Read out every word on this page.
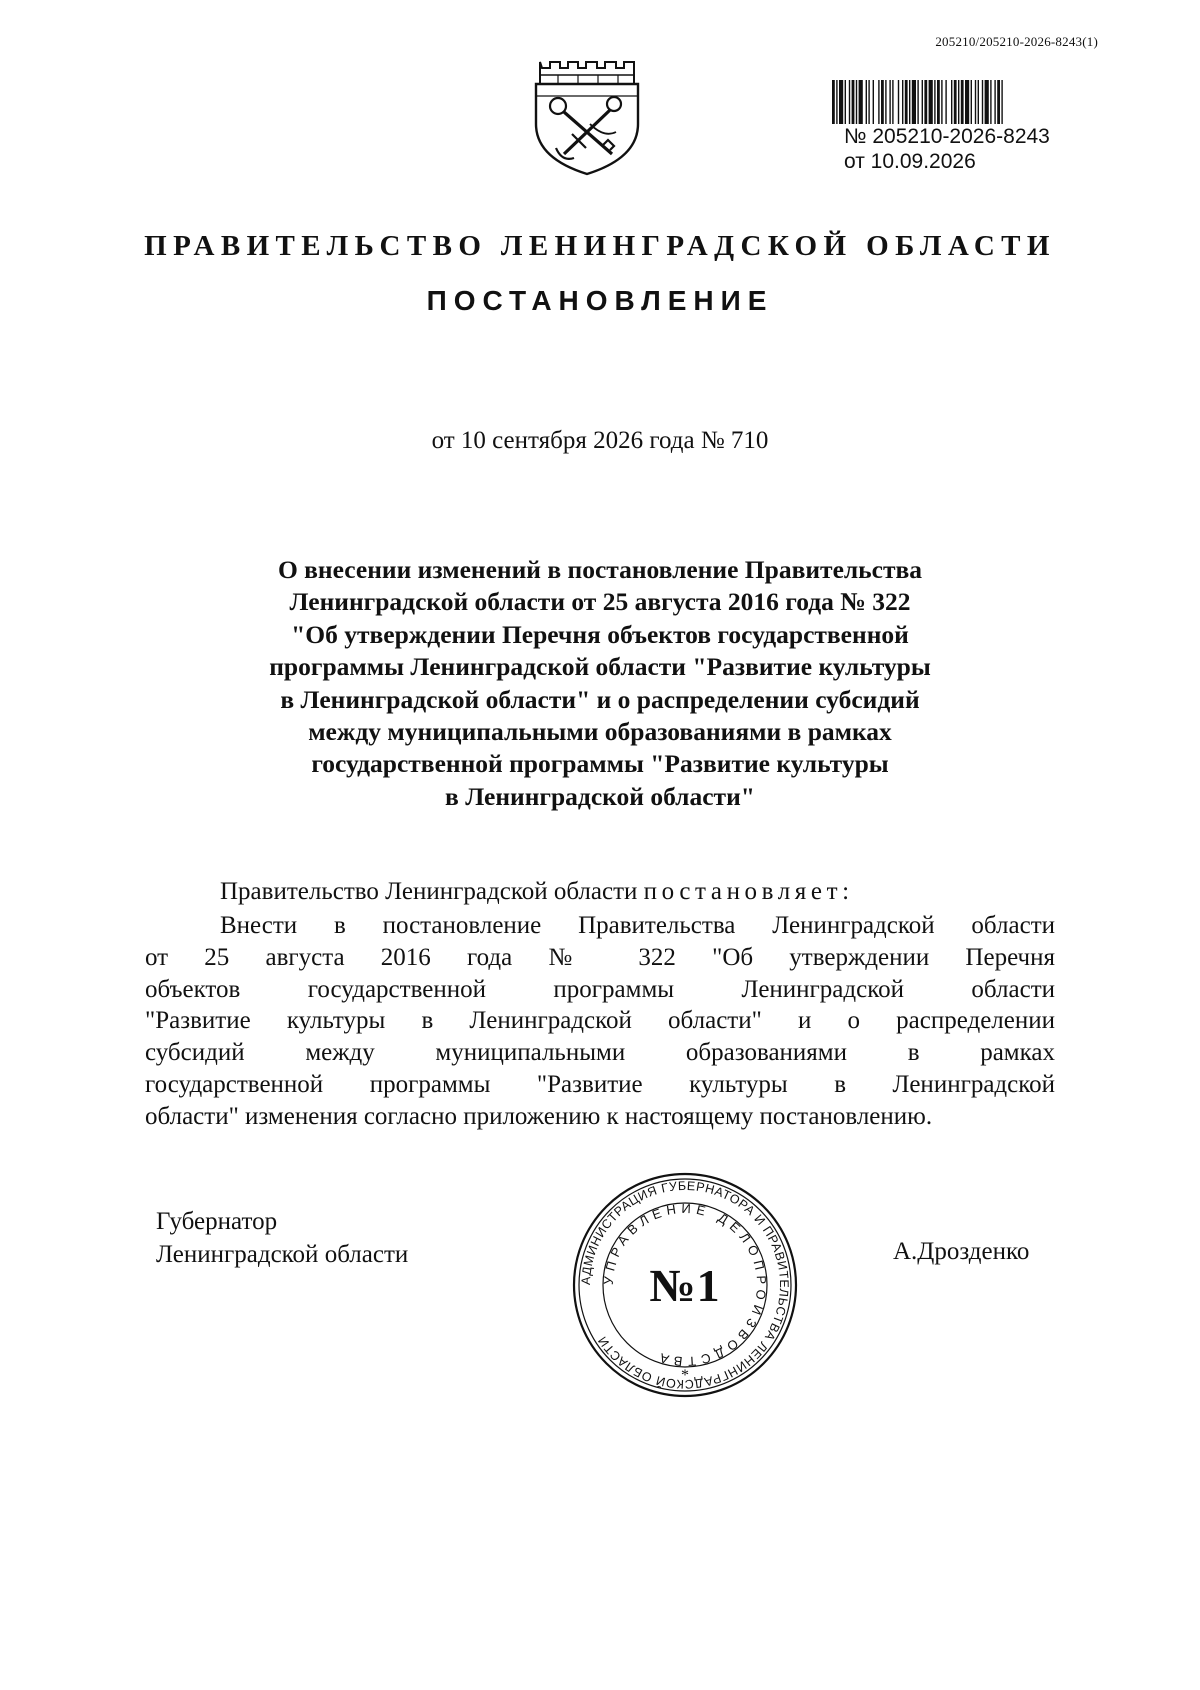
205210/205210-2026-8243(1)
№ 205210-2026-8243
от 10.09.2026
ПРАВИТЕЛЬСТВО ЛЕНИНГРАДСКОЙ ОБЛАСТИ
ПОСТАНОВЛЕНИЕ
от 10 сентября 2026 года № 710
О внесении изменений в постановление Правительства
Ленинградской области от 25 августа 2016 года № 322
"Об утверждении Перечня объектов государственной
программы Ленинградской области "Развитие культуры
в Ленинградской области" и о распределении субсидий
между муниципальными образованиями в рамках
государственной программы "Развитие культуры
в Ленинградской области"
Правительство Ленинградской области постановляет:
Внести в постановление Правительства Ленинградской области
от 25 августа 2016 года № 322 "Об утверждении Перечня
объектов государственной программы Ленинградской области
"Развитие культуры в Ленинградской области" и о распределении
субсидий между муниципальными образованиями в рамках
государственной программы "Развитие культуры в Ленинградской
области" изменения согласно приложению к настоящему постановлению.
Губернатор
Ленинградской области	А.Дрозденко
АДМИНИСТРАЦИЯ ГУБЕРНАТОРА И ПРАВИТЕЛЬСТВА ЛЕНИНГРАДСКОЙ ОБЛАСТИ
УПРАВЛЕНИЕ ДЕЛОПРОИЗВОДСТВА
*
№1
